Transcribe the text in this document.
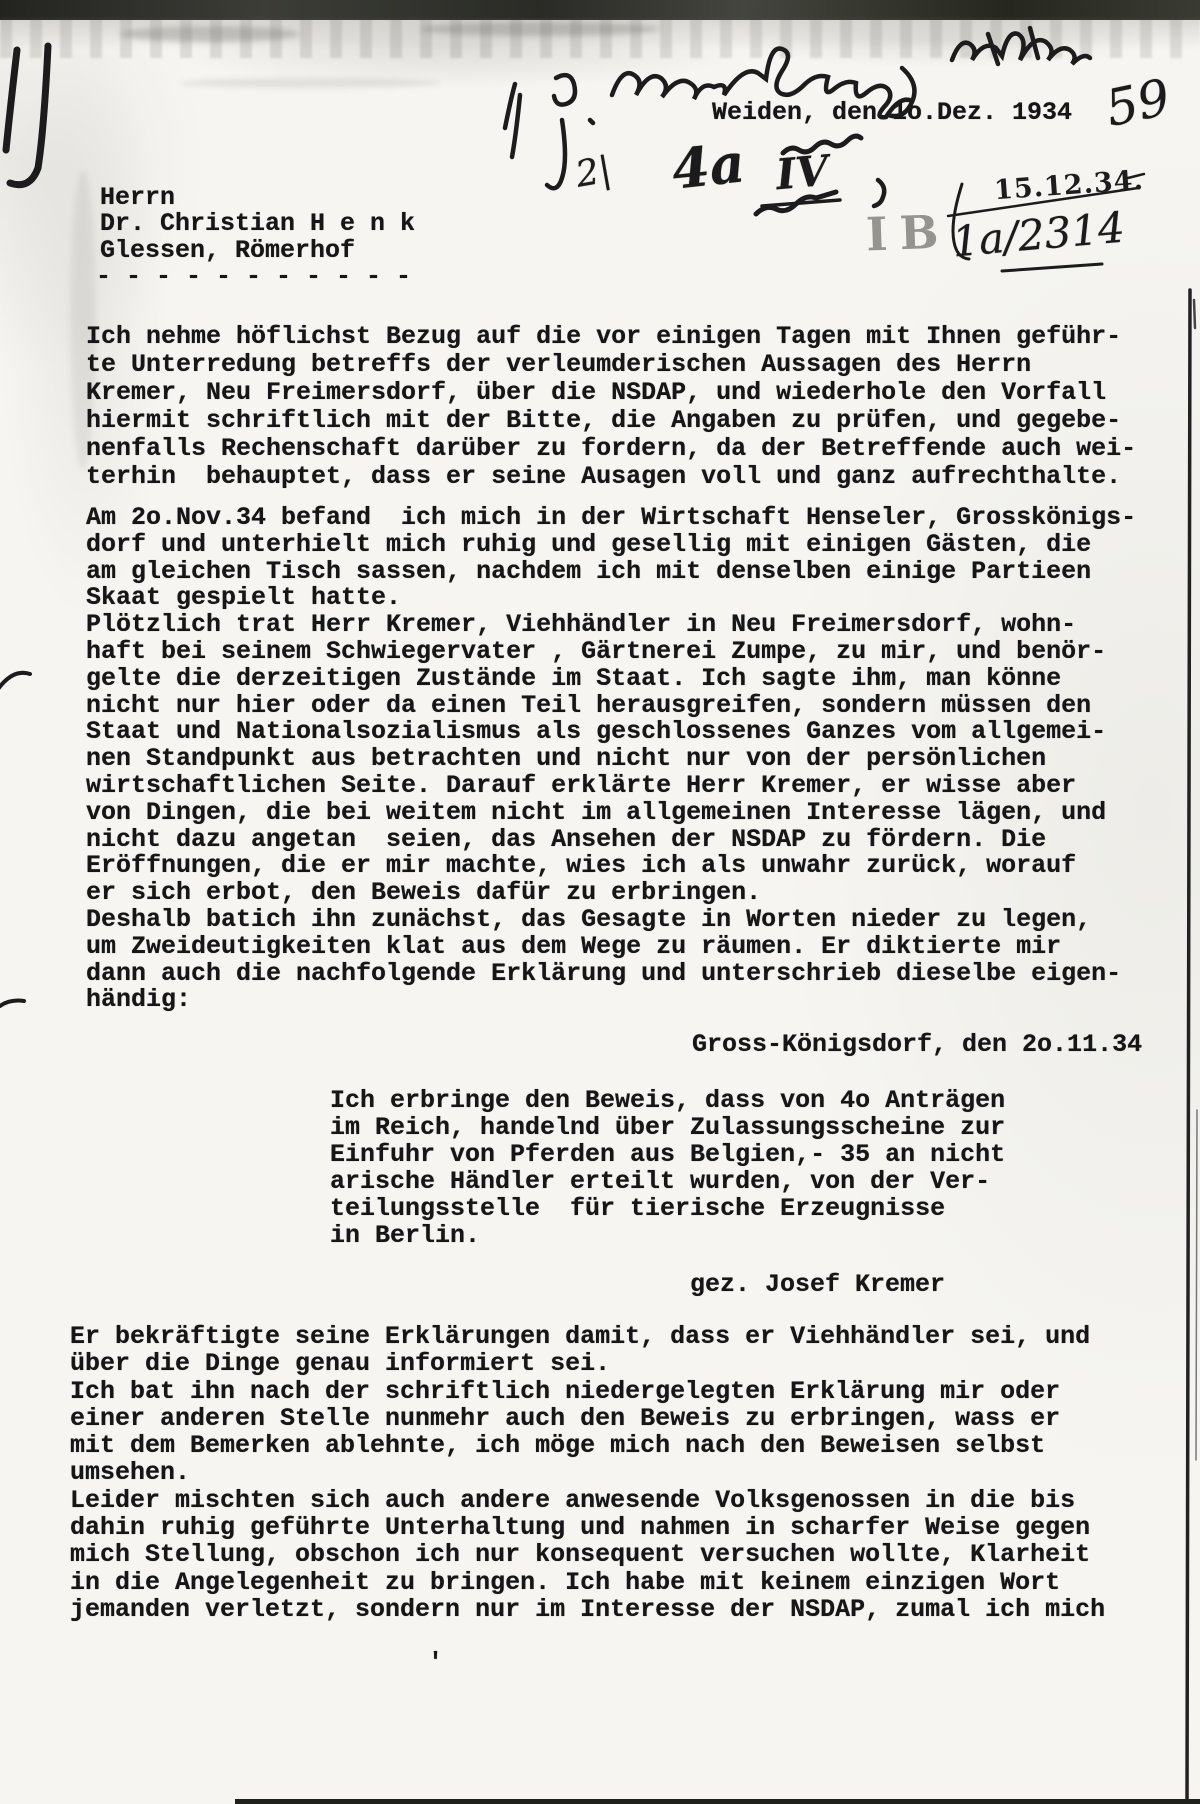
Weiden, den 1o.Dez. 1934
Herrn
Dr. Christian H e n k
Glessen, Römerhof
- - - - - - - - - - -
Ich nehme höflichst Bezug auf die vor einigen Tagen mit Ihnen geführ-
te Unterredung betreffs der verleumderischen Aussagen des Herrn
Kremer, Neu Freimersdorf, über die NSDAP, und wiederhole den Vorfall
hiermit schriftlich mit der Bitte, die Angaben zu prüfen, und gegebe-
nenfalls Rechenschaft darüber zu fordern, da der Betreffende auch wei-
terhin  behauptet, dass er seine Ausagen voll und ganz aufrechthalte.
Am 2o.Nov.34 befand  ich mich in der Wirtschaft Henseler, Grosskönigs-
dorf und unterhielt mich ruhig und gesellig mit einigen Gästen, die
am gleichen Tisch sassen, nachdem ich mit denselben einige Partieen
Skaat gespielt hatte.
Plötzlich trat Herr Kremer, Viehhändler in Neu Freimersdorf, wohn-
haft bei seinem Schwiegervater , Gärtnerei Zumpe, zu mir, und benör-
gelte die derzeitigen Zustände im Staat. Ich sagte ihm, man könne
nicht nur hier oder da einen Teil herausgreifen, sondern müssen den
Staat und Nationalsozialismus als geschlossenes Ganzes vom allgemei-
nen Standpunkt aus betrachten und nicht nur von der persönlichen
wirtschaftlichen Seite. Darauf erklärte Herr Kremer, er wisse aber
von Dingen, die bei weitem nicht im allgemeinen Interesse lägen, und
nicht dazu angetan  seien, das Ansehen der NSDAP zu fördern. Die
Eröffnungen, die er mir machte, wies ich als unwahr zurück, worauf
er sich erbot, den Beweis dafür zu erbringen.
Deshalb batich ihn zunächst, das Gesagte in Worten nieder zu legen,
um Zweideutigkeiten klat aus dem Wege zu räumen. Er diktierte mir
dann auch die nachfolgende Erklärung und unterschrieb dieselbe eigen-
händig:
Gross-Königsdorf, den 2o.11.34
Ich erbringe den Beweis, dass von 4o Anträgen
im Reich, handelnd über Zulassungsscheine zur
Einfuhr von Pferden aus Belgien,- 35 an nicht
arische Händler erteilt wurden, von der Ver-
teilungsstelle  für tierische Erzeugnisse
in Berlin.
gez. Josef Kremer
Er bekräftigte seine Erklärungen damit, dass er Viehhändler sei, und
über die Dinge genau informiert sei.
Ich bat ihn nach der schriftlich niedergelegten Erklärung mir oder
einer anderen Stelle nunmehr auch den Beweis zu erbringen, wass er
mit dem Bemerken ablehnte, ich möge mich nach den Beweisen selbst
umsehen.
Leider mischten sich auch andere anwesende Volksgenossen in die bis
dahin ruhig geführte Unterhaltung und nahmen in scharfer Weise gegen
mich Stellung, obschon ich nur konsequent versuchen wollte, Klarheit
in die Angelegenheit zu bringen. Ich habe mit keinem einzigen Wort
jemanden verletzt, sondern nur im Interesse der NSDAP, zumal ich mich
'
59
2| 4a IV	15.12.34.
IB
1a/2314
